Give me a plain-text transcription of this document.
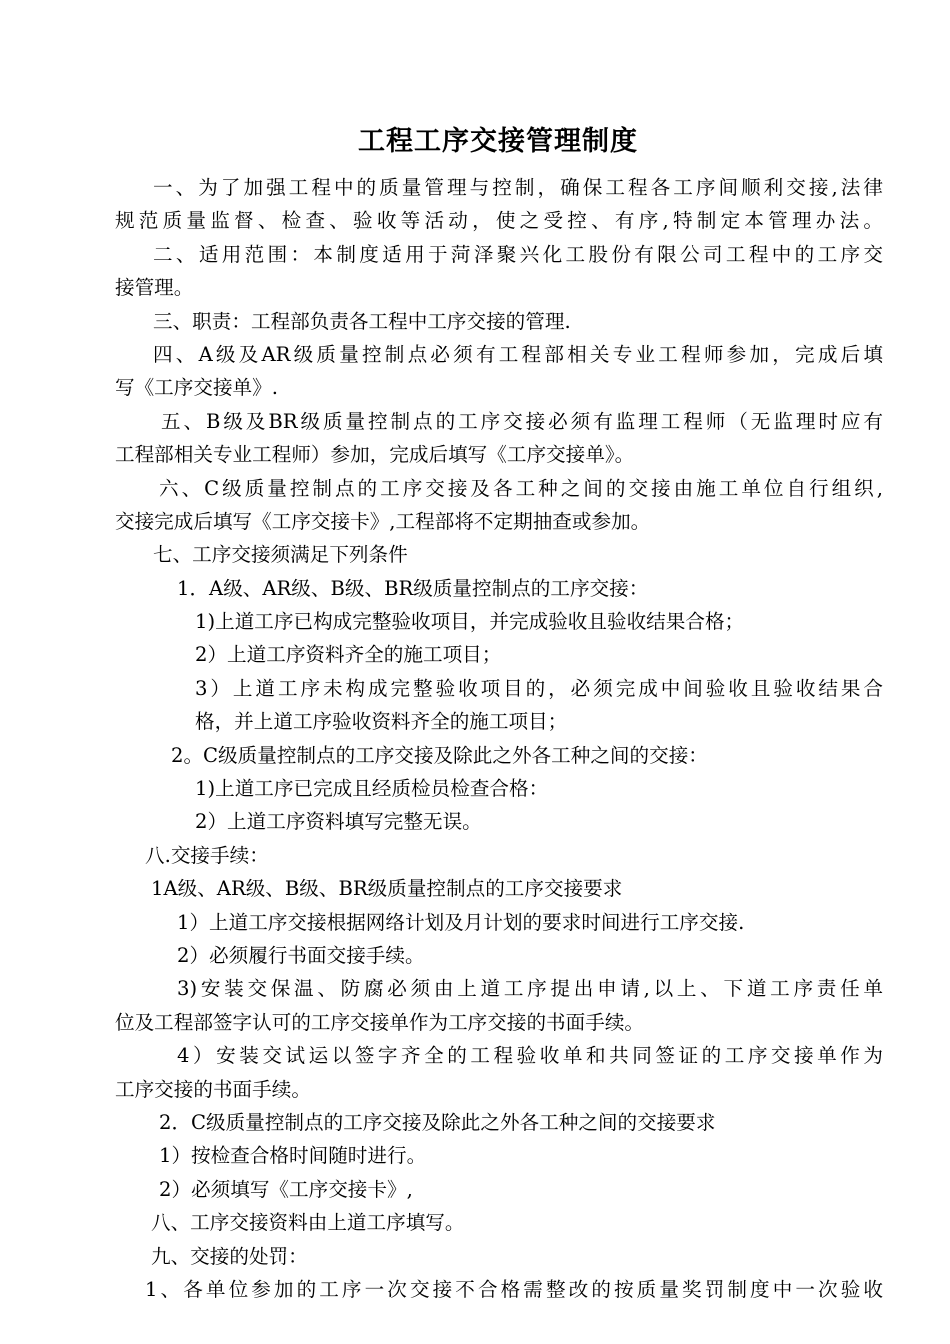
工程工序交接管理制度
一、为了加强工程中的质量管理与控制，确保工程各工序间顺利交接,法律
规范质量监督、检查、验收等活动，使之受控、有序,特制定本管理办法。
二、适用范围：本制度适用于菏泽聚兴化工股份有限公司工程中的工序交
接管理。
三、职责：工程部负责各工程中工序交接的管理.
四、A级及AR级质量控制点必须有工程部相关专业工程师参加，完成后填
写《工序交接单》.
五、B级及BR级质量控制点的工序交接必须有监理工程师（无监理时应有
工程部相关专业工程师）参加，完成后填写《工序交接单》。
六、C级质量控制点的工序交接及各工种之间的交接由施工单位自行组织,
交接完成后填写《工序交接卡》,工程部将不定期抽查或参加。
七、工序交接须满足下列条件
1．A级、AR级、B级、BR级质量控制点的工序交接：
1)上道工序已构成完整验收项目，并完成验收且验收结果合格；
2）上道工序资料齐全的施工项目；
3）上道工序未构成完整验收项目的，必须完成中间验收且验收结果合
格，并上道工序验收资料齐全的施工项目；
2。C级质量控制点的工序交接及除此之外各工种之间的交接：
1)上道工序已完成且经质检员检查合格：
2）上道工序资料填写完整无误。
八.交接手续：
1A级、AR级、B级、BR级质量控制点的工序交接要求
1）上道工序交接根据网络计划及月计划的要求时间进行工序交接.
2）必须履行书面交接手续。
3)安装交保温、防腐必须由上道工序提出申请,以上、下道工序责任单
位及工程部签字认可的工序交接单作为工序交接的书面手续。
4）安装交试运以签字齐全的工程验收单和共同签证的工序交接单作为
工序交接的书面手续。
2．C级质量控制点的工序交接及除此之外各工种之间的交接要求
1）按检查合格时间随时进行。
2）必须填写《工序交接卡》,
八、工序交接资料由上道工序填写。
九、交接的处罚：
1、各单位参加的工序一次交接不合格需整改的按质量奖罚制度中一次验收
